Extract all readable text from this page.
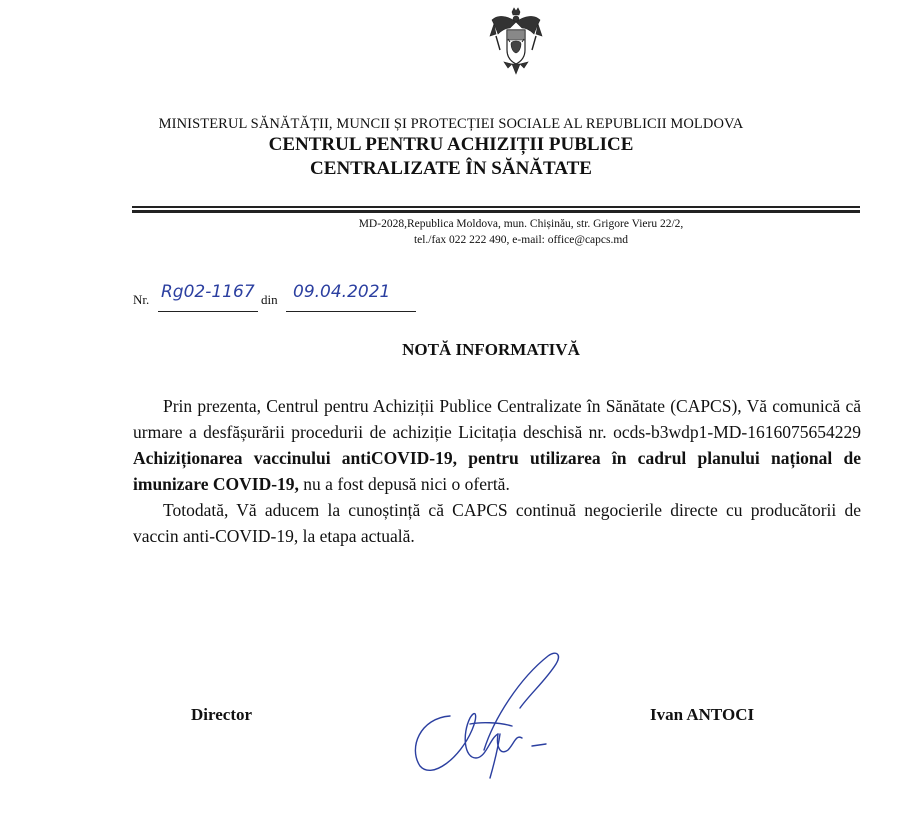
MINISTERUL SĂNĂTĂȚII, MUNCII ȘI PROTECȚIEI SOCIALE AL REPUBLICII MOLDOVA
CENTRUL PENTRU ACHIZIȚII PUBLICE
CENTRALIZATE ÎN SĂNĂTATE
MD-2028,Republica Moldova, mun. Chișinău, str. Grigore Vieru 22/2,
tel./fax 022 222 490, e-mail: office@capcs.md
Nr. Rg02-1167 din 09.04.2021
NOTĂ INFORMATIVĂ

Prin prezenta, Centrul pentru Achiziții Publice Centralizate în Sănătate (CAPCS), Vă comunică că urmare a desfășurării procedurii de achiziție Licitația deschisă nr. ocds-b3wdp1-MD-1616075654229 Achiziționarea vaccinului antiCOVID-19, pentru utilizarea în cadrul planului național de imunizare COVID-19, nu a fost depusă nici o ofertă.

Totodată, Vă aducem la cunoștință că CAPCS continuă negocierile directe cu producătorii de vaccin anti-COVID-19, la etapa actuală.

Director	Ivan ANTOCI
